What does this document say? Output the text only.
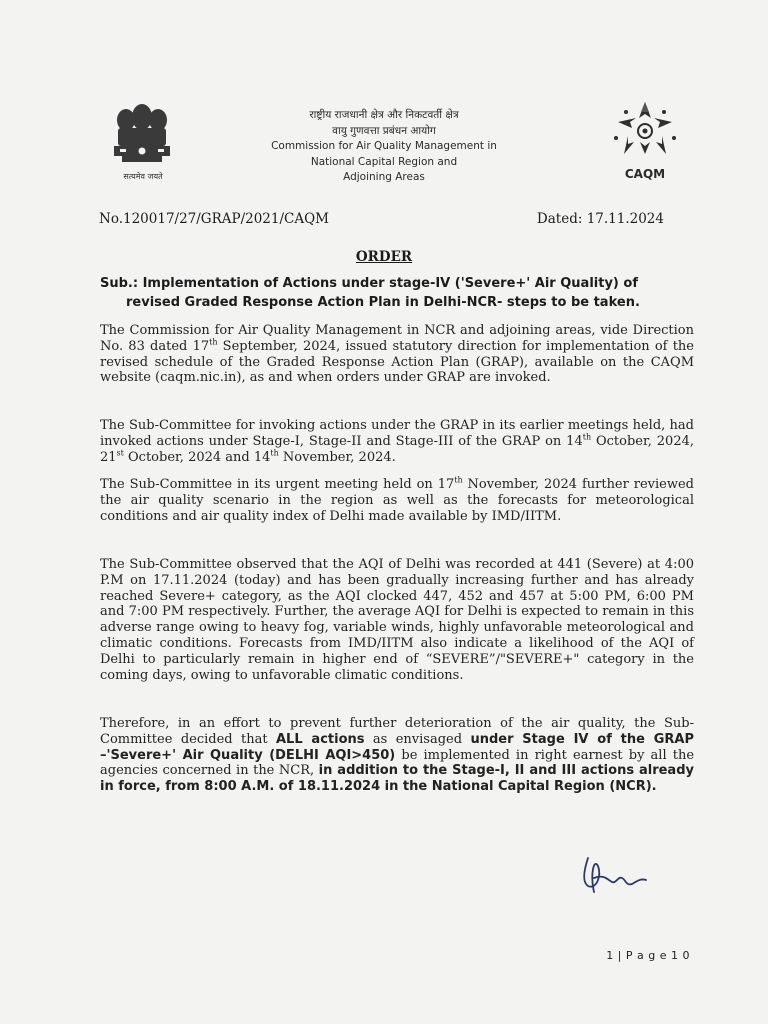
सत्यमेव जयते
राष्ट्रीय राजधानी क्षेत्र और निकटवर्ती क्षेत्र
वायु गुणवत्ता प्रबंधन आयोग
Commission for Air Quality Management in
National Capital Region and
Adjoining Areas	CAQM
No.120017/27/GRAP/2021/CAQM	Dated: 17.11.2024
ORDER
Sub.: Implementation of Actions under stage-IV ('Severe+' Air Quality) of
revised Graded Response Action Plan in Delhi-NCR- steps to be taken.
The Commission for Air Quality Management in NCR and adjoining areas, vide Direction No. 83 dated 17th September, 2024, issued statutory direction for implementation of the revised schedule of the Graded Response Action Plan (GRAP), available on the CAQM website (caqm.nic.in), as and when orders under GRAP are invoked.
The Sub-Committee for invoking actions under the GRAP in its earlier meetings held, had invoked actions under Stage-I, Stage-II and Stage-III of the GRAP on 14th October, 2024, 21st October, 2024 and 14th November, 2024.
The Sub-Committee in its urgent meeting held on 17th November, 2024 further reviewed the air quality scenario in the region as well as the forecasts for meteorological conditions and air quality index of Delhi made available by IMD/IITM.
The Sub-Committee observed that the AQI of Delhi was recorded at 441 (Severe) at 4:00 P.M on 17.11.2024 (today) and has been gradually increasing further and has already reached Severe+ category, as the AQI clocked 447, 452 and 457 at 5:00 PM, 6:00 PM and 7:00 PM respectively. Further, the average AQI for Delhi is expected to remain in this adverse range owing to heavy fog, variable winds, highly unfavorable meteorological and climatic conditions. Forecasts from IMD/IITM also indicate a likelihood of the AQI of Delhi to particularly remain in higher end of “SEVERE”/"SEVERE+" category in the coming days, owing to unfavorable climatic conditions.
Therefore, in an effort to prevent further deterioration of the air quality, the Sub-Committee decided that ALL actions as envisaged under Stage IV of the GRAP –'Severe+' Air Quality (DELHI AQI>450) be implemented in right earnest by all the agencies concerned in the NCR, in addition to the Stage-I, II and III actions already in force, from 8:00 A.M. of 18.11.2024 in the National Capital Region (NCR).
1 | P a g e 1 0
